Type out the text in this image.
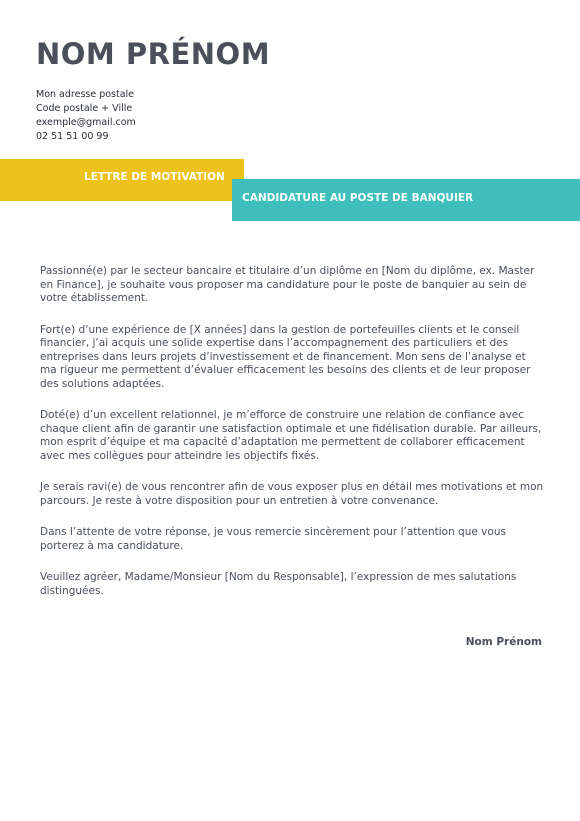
NOM PRÉNOM
Mon adresse postale
Code postale + Ville
exemple@gmail.com
02 51 51 00 99
LETTRE DE MOTIVATION
CANDIDATURE AU POSTE DE BANQUIER

Passionné(e) par le secteur bancaire et titulaire d’un diplôme en [Nom du diplôme, ex. Master en Finance], je souhaite vous proposer ma candidature pour le poste de banquier au sein de votre établissement.

Fort(e) d’une expérience de [X années] dans la gestion de portefeuilles clients et le conseil financier, j’ai acquis une solide expertise dans l’accompagnement des particuliers et des entreprises dans leurs projets d’investissement et de financement. Mon sens de l’analyse et ma rigueur me permettent d’évaluer efficacement les besoins des clients et de leur proposer des solutions adaptées.

Doté(e) d’un excellent relationnel, je m’efforce de construire une relation de confiance avec chaque client afin de garantir une satisfaction optimale et une fidélisation durable. Par ailleurs, mon esprit d’équipe et ma capacité d’adaptation me permettent de collaborer efficacement avec mes collègues pour atteindre les objectifs fixés.

Je serais ravi(e) de vous rencontrer afin de vous exposer plus en détail mes motivations et mon parcours. Je reste à votre disposition pour un entretien à votre convenance.

Dans l’attente de votre réponse, je vous remercie sincèrement pour l’attention que vous porterez à ma candidature.

Veuillez agréer, Madame/Monsieur [Nom du Responsable], l’expression de mes salutations distinguées.

Nom Prénom
